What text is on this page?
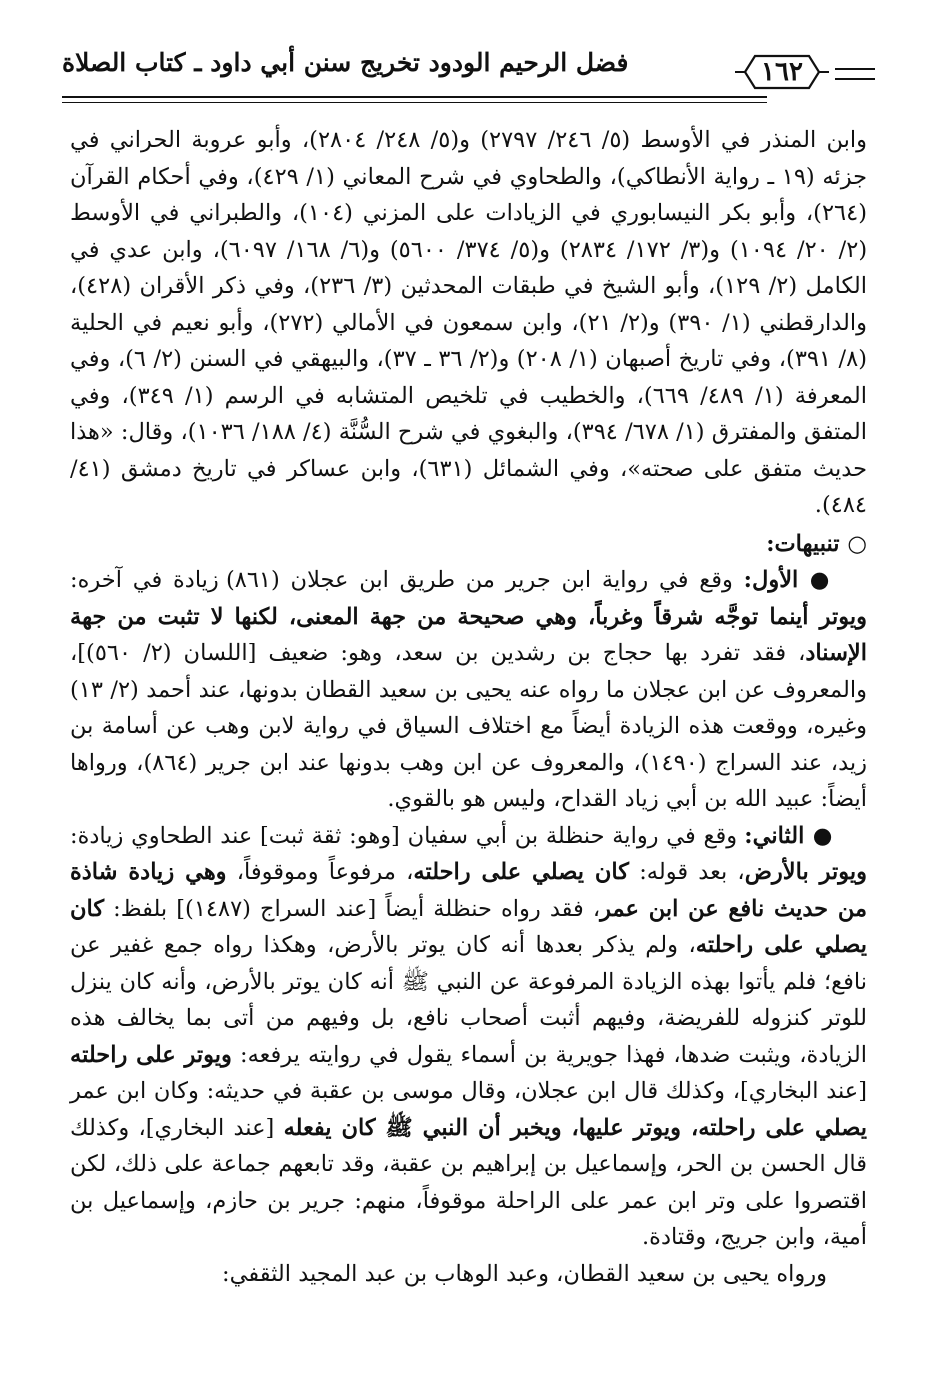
فضل الرحيم الودود تخريج سنن أبي داود ـ كتاب الصلاة	١٦٢

وابن المنذر في الأوسط (٥/ ٢٤٦/ ٢٧٩٧) و(٥/ ٢٤٨/ ٢٨٠٤)، وأبو عروبة الحراني في جزئه (١٩ ـ رواية الأنطاكي)، والطحاوي في شرح المعاني (١/ ٤٢٩)، وفي أحكام القرآن (٢٦٤)، وأبو بكر النيسابوري في الزيادات على المزني (١٠٤)، والطبراني في الأوسط (٢/ ٢٠/ ١٠٩٤) و(٣/ ١٧٢/ ٢٨٣٤) و(٥/ ٣٧٤/ ٥٦٠٠) و(٦/ ١٦٨/ ٦٠٩٧)، وابن عدي في الكامل (٢/ ١٢٩)، وأبو الشيخ في طبقات المحدثين (٣/ ٢٣٦)، وفي ذكر الأقران (٤٢٨)، والدارقطني (١/ ٣٩٠) و(٢/ ٢١)، وابن سمعون في الأمالي (٢٧٢)، وأبو نعيم في الحلية (٨/ ٣٩١)، وفي تاريخ أصبهان (١/ ٢٠٨) و(٢/ ٣٦ ـ ٣٧)، والبيهقي في السنن (٢/ ٦)، وفي المعرفة (١/ ٤٨٩/ ٦٦٩)، والخطيب في تلخيص المتشابه في الرسم (١/ ٣٤٩)، وفي المتفق والمفترق (١/ ٦٧٨/ ٣٩٤)، والبغوي في شرح السُّنَّة (٤/ ١٨٨/ ١٠٣٦)، وقال: «هذا حديث متفق على صحته»، وفي الشمائل (٦٣١)، وابن عساكر في تاريخ دمشق (٤١/ ٤٨٤).

○ تنبيهات:

● الأول: وقع في رواية ابن جرير من طريق ابن عجلان (٨٦١) زيادة في آخره: ويوتر أينما توجَّه شرقاً وغرباً، وهي صحيحة من جهة المعنى، لكنها لا تثبت من جهة الإسناد، فقد تفرد بها حجاج بن رشدين بن سعد، وهو: ضعيف [اللسان (٢/ ٥٦٠)]، والمعروف عن ابن عجلان ما رواه عنه يحيى بن سعيد القطان بدونها، عند أحمد (٢/ ١٣) وغيره، ووقعت هذه الزيادة أيضاً مع اختلاف السياق في رواية لابن وهب عن أسامة بن زيد، عند السراج (١٤٩٠)، والمعروف عن ابن وهب بدونها عند ابن جرير (٨٦٤)، ورواها أيضاً: عبيد الله بن أبي زياد القداح، وليس هو بالقوي.

● الثاني: وقع في رواية حنظلة بن أبي سفيان [وهو: ثقة ثبت] عند الطحاوي زيادة: ويوتر بالأرض، بعد قوله: كان يصلي على راحلته، مرفوعاً وموقوفاً، وهي زيادة شاذة من حديث نافع عن ابن عمر، فقد رواه حنظلة أيضاً [عند السراج (١٤٨٧)] بلفظ: كان يصلي على راحلته، ولم يذكر بعدها أنه كان يوتر بالأرض، وهكذا رواه جمع غفير عن نافع؛ فلم يأتوا بهذه الزيادة المرفوعة عن النبي ﷺ أنه كان يوتر بالأرض، وأنه كان ينزل للوتر كنزوله للفريضة، وفيهم أثبت أصحاب نافع، بل وفيهم من أتى بما يخالف هذه الزيادة، ويثبت ضدها، فهذا جويرية بن أسماء يقول في روايته يرفعه: ويوتر على راحلته [عند البخاري]، وكذلك قال ابن عجلان، وقال موسى بن عقبة في حديثه: وكان ابن عمر يصلي على راحلته، ويوتر عليها، ويخبر أن النبي ﷺ كان يفعله [عند البخاري]، وكذلك قال الحسن بن الحر، وإسماعيل بن إبراهيم بن عقبة، وقد تابعهم جماعة على ذلك، لكن اقتصروا على وتر ابن عمر على الراحلة موقوفاً، منهم: جرير بن حازم، وإسماعيل بن أمية، وابن جريج، وقتادة.

ورواه يحيى بن سعيد القطان، وعبد الوهاب بن عبد المجيد الثقفي:
